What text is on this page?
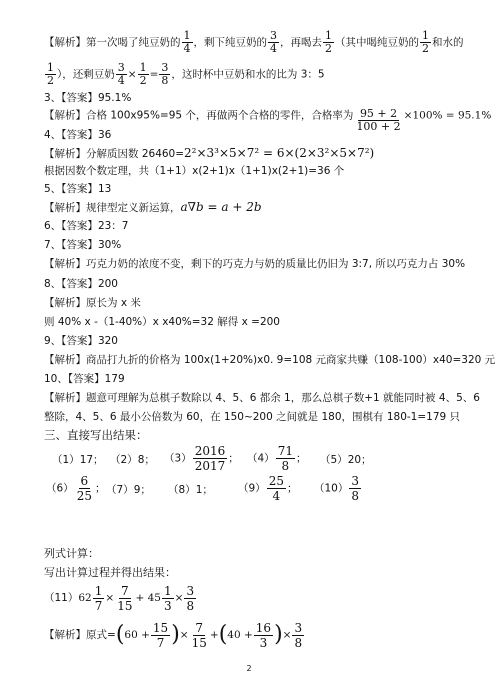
【解析】第一次喝了纯豆奶的 $\frac{1}{4}$ ，剩下纯豆奶的 $\frac{3}{4}$ ，再喝去 $\frac{1}{2}$ （其中喝纯豆奶的 $\frac{1}{2}$ 和水的
$\frac{1}{2}$ ），还剩豆奶 $\frac{3}{4} \times \frac{1}{2} = \frac{3}{8}$ ，这时杯中豆奶和水的比为 3：5
3、【答案】95.1%
【解析】合格 100x95%=95 个，再做两个合格的零件，合格率为 $\frac{95 + 2}{100 + 2} \times 100\% = 95.1\%$
4、【答案】36
【解析】分解质因数 26460=2²×3³×5×7² = 6×(2×3²×5×7²)
根据因数个数定理，共（1+1）x(2+1)x（1+1)x(2+1)=36 个
5、【答案】13
【解析】规律型定义新运算，a∇b = a + 2b
6、【答案】23：7
7、【答案】30%
【解析】巧克力奶的浓度不变，剩下的巧克力与奶的质量比仍旧为 3:7, 所以巧克力占 30%
8、【答案】200
【解析】原长为 x 米
则 40% x -（1-40%）x x40%=32 解得 x =200
9、【答案】320
【解析】商品打九折的价格为 100x(1+20%)x0. 9=108 元商家共赚（108-100）x40=320 元
10、【答案】179
【解析】题意可理解为总棋子数除以 4、5、6 都余 1，那么总棋子数+1 就能同时被 4、5、6
整除，4、5、6 最小公倍数为 60，在 150~200 之间就是 180，围棋有 180-1=179 只
三、直接写出结果：
（1）17； （2）8； $(3) \frac{2016}{2017}$ ； $(4) \frac{71}{8}$ ； （5）20；
$(6) \frac{6}{25}$ ； （7）9； （8）1； $(9) \frac{25}{4}$ ； $(10) \frac{3}{8}$
列式计算：
写出计算过程并得出结果：
$(11)62 \frac{1}{7} \times \frac{7}{15} + 45 \frac{1}{3} \times \frac{3}{8}$
【解析】原式$=(60 + \frac{15}{7}$ )× $\frac{7}{15} +(40 + \frac{16}{3}$ )× $\frac{3}{8}$
2
